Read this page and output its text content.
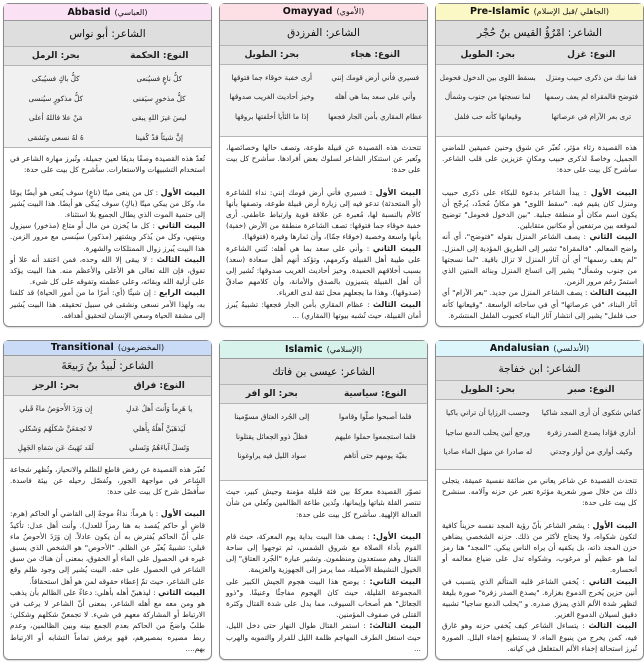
Abbasid (العباسي)
الشاعر: أبو نواس
النوع: الحكمة
بحر: الرمل
كلُّ ناعٍ فسيُنعى
كلُّ باكٍ فسيُبكى
كلُّ مذخورٍ سيَفنى
كلُّ مذكورٍ سيُنسى
ليسَ غيرَ اللهِ يبقى
مَنْ علا فاللهُ أعلى
إنَّ شيئاً قدْ كُفينا
هُ لهُ نسعى ونَشقى
تُعدّ هذه القصيدة وصفًا بديعًا لعين جميلة، وتُبرز مهارة الشاعر في استخدام التشبيهات والاستعارات. سأشرح كل بيت على حدة:
البيت الأول : كل من ينعى ميتًا (ناعٍ) سوف يُنعى هو أيضًا يومًا ما، وكل من يبكي ميتًا (باكٍ) سوف يُبكى هو أيضًا. هذا البيت يُشير إلى حتمية الموت الذي يطال الجميع بلا استثناء.
البيت الثاني : كل ما يُخزن من مال أو متاع (مذخور) سيزول وينتهي، وكل من يُذكر ويشتهر (مذكور) سيُنسى مع مرور الزمن. هذا البيت يُبرز زوال الممتلكات والشهرة.
البيت الثالث : لا يبقى إلا الله وحده، فمن اعتقد أنه علا أو تفوق، فإن الله تعالى هو الأعلى والأعظم منه. هذا البيت يؤكد على أزلية الله وبقائه، وعلى عظمته وتفوقه على كل شيء.
البيت الرابع : إن شيئًا (أي: أمرًا ما من أمور الحياة) قد كلفنا به، ولهذا الأمر نسعى ونشقى في سبيل تحقيقه. هذا البيت يُشير إلى مشقة الحياة وسعي الإنسان لتحقيق أهدافه.
Omayyad (الأموي)
الشاعر: الفرزدق
النوع: هجاء
بحر: الطويل
فسيري فأني أرض قومك إنني
أرى خفبة خوقاء جما فتوقها
وأني على سعد بما هي أهله
وخيز أحاديث الغريب صدوقها
عظام المقاري بأمن الجار فجعها
إذا ما الثأيا أخلفتها بروقها
تتحدث هذه القصيدة عن قبيلة طوعة، وتصف حالها وخصائصها، وتُعبر عن استنكار الشاعر لسلوك بعض أفرادها. سأشرح كل بيت على حدة:
البيت الأول : فسيري فأني أرض قومك إنني: نداء للشاعرة (أو المتحدثة) تدعو فيه إلى زيارة أرض قبيلة طوعة، وتصفها بأنها كالأم بالنسبة لها، مُعبرة عن علاقة قوية وارتباط عاطفي. أرى خفبة خوقاء جما فتوقها: تصف الشاعرة منطقة من الأرض (خفبة) بأنها واسعة وخصبة (خوقاء جمّا)، وأن ثمارها وفيرة (فتوقها).
البيت الثاني : وأني على سعد بما هي أهله: تُثني الشاعرة على طيبة أهل القبيلة وكرمهم، وتؤكد أنهم أهل سعادة (سعد) بسبب أخلاقهم الحميدة. وخيز أحاديث الغريب صدوقها: تُشير إلى أن أهل القبيلة يتميزون بالصدق والأمانة، وأن كلامهم صادقٌ (صدوقها). وهذا ما يجعلهم محل ثقة لدى الغرباء.
البيت الثالث : عظام المقاري بأمن الجار فجعها: تشبيهٌ يُبرز أمان القبيلة، حيث تُشبه بيوتها (المقاري) ...
Pre-Islamic (الجاهلي /قبل الإسلام)
الشاعر: امْرُؤُ القيس بنُ حُجْر
النوع: غزل
بحر: الطويل
قفا نبك من ذكرى حبيب ومنزل
بسقط اللوى بين الدخول فحومل
فتوضح فالمقراة لم يعف رسمها
لما نسجتها من جنوب وشمأل
ترى بعر الآرام في عرصاتها
وقيعانها كأنه حب فلفل
هذه القصيدة رثاء مؤثر، تُعبّر عن شوق وحنين عميقين للماضي الجميل، وخاصةً لذكرى حبيب ومكانٍ عزيزين على قلب الشاعر. سأشرح كل بيت على حدة:
البيت الأول : يبدأ الشاعر بدعوة للبكاء على ذكرى حبيب ومنزل كان يقيم فيه. "سقط اللوى" هو مكانٌ مُحدّد، يُرجّح أن يكون اسم مكان أو منطقة جبلية. "بين الدخول فحومل" توضيح لموقعه بين مرتفعين أو مكانين متقابلين.
البيت الثاني : يصف الشاعر المنزل بقوله "فتوضح"، أي أنه واضح المعالم. "فالمقراة" تشير إلى الطريق المؤدية إلى المنزل. "لم يعف رسمها" أي أن آثار المنزل لا تزال باقية. "لما نسجتها من جنوب وشمأل" يشير إلى اتساع المنزل وبنائه المتين الذي استمرّ رغم مرور الزمن.
البيت الثالث : يصف الشاعر المنزل من جديد. "بعر الآرام" أي آثار البناء، "في عرصاتها" أي في ساحاته الواسعة. "وقيعانها كأنه حب فلفل" يشير إلى انتشار آثار البناء كحبوب الفلفل المنتشرة.
Transitional (المخضرمون)
الشاعر: لَبيدُ بنُ رَبيعَةَ
النوع: فراق
بحر: الرجز
يا هَرِماً وَأَنتَ أَهلُ عَدلِ
إِن وَرَدَ الأَحوَصُ ماءً قَبلي
لَيَذهَبَنَّ أَهلُهُ بِأَهلي
لا تَجمَعَنَّ شَكلَهُم وَشَكلي
وَتَسلَ آباءَهُمُ وَنَسلي
لَقَد نَهَيتُ عَن سَفاهِ الجَهلِ
تُعبّر هذه القصيدة عن رفض قاطع للظلم والانحياز، وتُظهر شجاعة الشاعر في مواجهة الجور، وتُفصّل رحيله عن بيئة فاسدة. سأُفصّل شرح كل بيت على حدة:
البيت الأول : يا هرماً: نداءٌ موجهٌ إلى القاضي أو الحاكم (هرم: قاضٍ أو حاكم يُقصد به هنا رمزاً للعدل). وأنت أهل عدل: تأكيدٌ على أنّ الحاكم يُفترض به أن يكون عادلاً. إن وَرَدَ الأحوصُ ماء قبلي: تشبيهٌ يُعبّر عن الظلم. "الأحوص" هو الشخص الذي يسبق غيره في الحصول على الماء أو الحقوق، بمعنى أن هناك من سبق الشاعر في الحصول على حقه. البيت يُشير إلى وجود ظلم وقع على الشاعر، حيث تمّ إعطاء حقوقه لمن هو أهل استحقاقاً.
البيت الثاني : ليذهبنّ أهله بأهلي: دعاءٌ على الظالم بأن يذهب هو ومن معه مع أهله الشاعر، بمعنى أنّ الشاعر لا يرغب في الارتباط أو المشاركة معهم في شيء. لا تجمعنّ شكلهم وشكلي: طلبٌ واضحٌ من الحاكم بعدم الجمع بينه وبين الظالمين، وعدم ربط مصيره بمصيرهم، فهو يرفض تماماً التشابه أو الارتباط بهم....
Islamic (الإسلامي)
الشاعر: عيسى بن فاتك
النوع: سياسية
بحر: الو افر
فلما أصبحوا صلّوا وقاموا
إلى الجُرد العتاق مسوّمينا
فلما استجمعوا حملوا عليهم
فظلّ ذوو الجعائل يقتلونا
بقيّة يومهم حتى أتاهم
سواد الليل فيه يراوغونا
تصوّر القصيدة معركةً بين فئة قليلة مؤمنة وجيش كبير، حيث تنتصر القلة بثباتها وإيمانها، وتُدين طاعة الظالمين وتُعلي من شأن العدالة الإلهية. سأشرح كل بيت على حدة:
البيت الأول: : يصف هذا البيت بداية يوم المعركة، حيث قام القوم بأداء الصلاة مع شروق الشمس، ثم توجهوا إلى ساحة القتال وهم مستعدون ومنظمون. وتشير عبارة "الجُرد العتاق" إلى الخيول النشيطة الأصيلة، مما يرمز إلى الجهوزية والعزيمة.
البيت الثاني: : يوضح هذا البيت هجوم الجيش الكبير على المجموعة القليلة، حيث كان الهجوم مفاجئًا وعنيفًا. و"ذوو الجعائل" هم أصحاب السيوف، مما يدل على شدة القتال وكثرة القتلى في صفوف المؤمنين.
البيت الثالث: : استمر القتال طوال النهار حتى دخل الليل، حيث استغل الطرف المهاجم ظلمة الليل للفرار والتمويه والهرب ...
Andalusian (الأندلسي)
الشاعر: ابن خفاجة
النوع: صبر
بحر: الطويل
كفاني شكوى أن أرى المجد شاكيا
وحسب الرزايا أن تراني باكيا
أداري فؤادا يصدع الصدر زفرة
ورجع أنين يحلب الدمع ساجيا
وكيف أواري من أوار وجدتي
له صادرا عن منهل الماء صاديا
تتحدث القصيدة عن شاعر يعاني من ضائقة نفسية عميقة، يتجلى ذلك من خلال صور شعرية مؤثرة تعبر عن حزنه وآلامه. سنشرح كل بيت على حدة:
البيت الأول : يشعر الشاعر بأنّ رؤية المجد نفسه حزيناً كافية لتكون شكواه، ولا يحتاج لأكثر من ذلك. حزنه الشخصي يضاهي حزن المجد ذاته، بل يكفيه أن يراه الناس يبكي. "المجد" هنا رمز لما هو عظيم أو مرغوب، وشكواه تدل على ضياع معالمه أو انحساره.
البيت الثاني : يُخفي الشاعر قلبه المتألم الذي يتسبب في أنين حزين يُخرج الدموع بغزارة. "يصدع الصدر زفرة" صورة بليغة لتظهر شدة الألم الذي يمزق صدره. و "يحلب الدمع ساجيا" تشبيه دقيق لسيلان الدموع الغزير.
البيت الثالث : يتساءل الشاعر كيف يُخفي حزنه وهو غارق فيه، كمن يخرج من ينبوع الماء، لا يستطيع إخفاء البلل. الصورة تُبرز استحالة إخفاء الألم المتغلغل في كيانه.
